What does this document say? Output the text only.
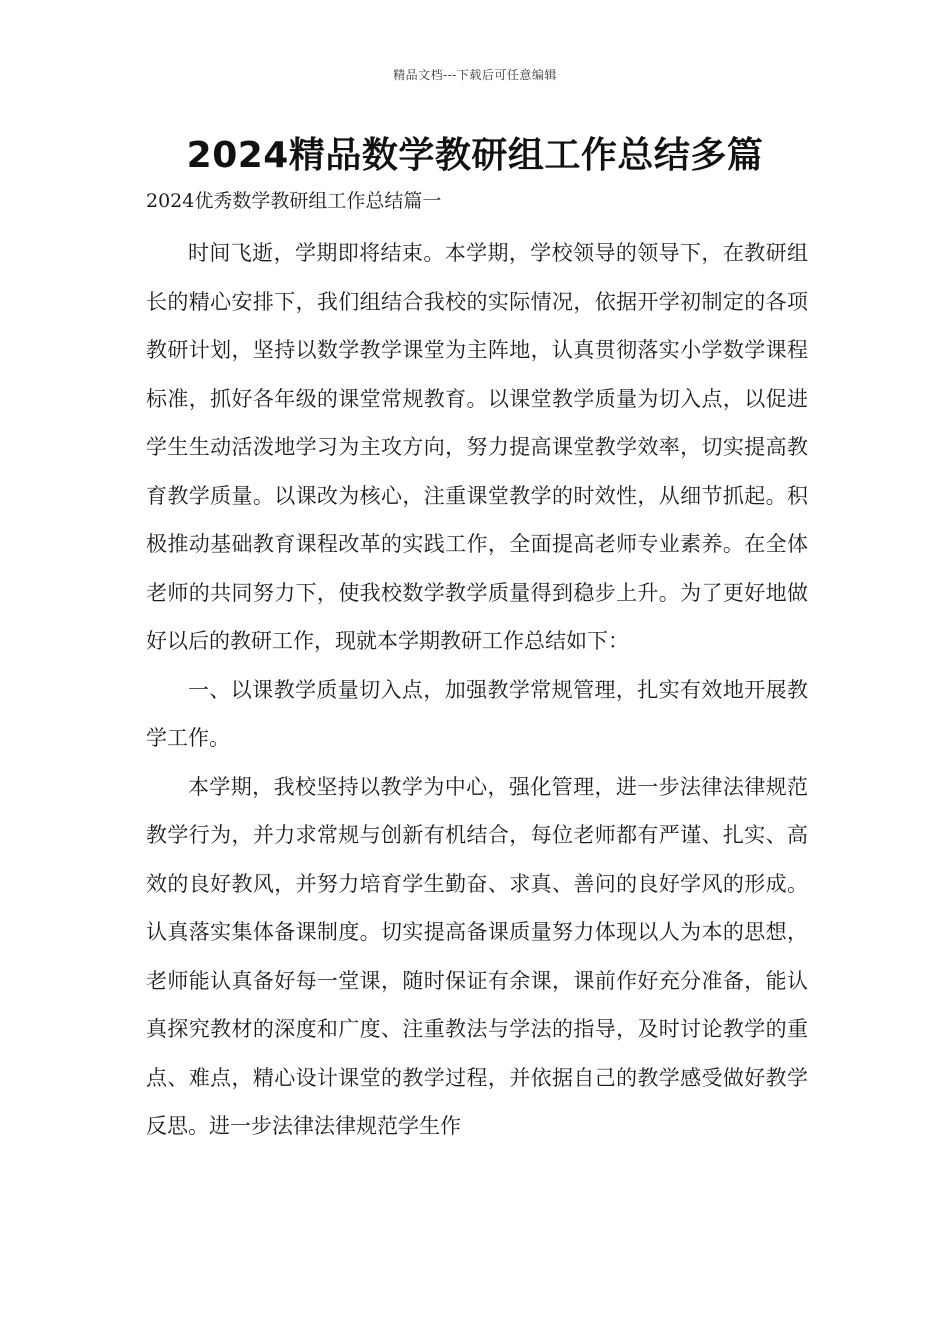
精品文档---下载后可任意编辑
2024精品数学教研组工作总结多篇
2024优秀数学教研组工作总结篇一

时间飞逝，学期即将结束。本学期，学校领导的领导下，在教研组长的精心安排下，我们组结合我校的实际情况，依据开学初制定的各项教研计划，坚持以数学教学课堂为主阵地，认真贯彻落实小学数学课程标准，抓好各年级的课堂常规教育。以课堂教学质量为切入点，以促进学生生动活泼地学习为主攻方向，努力提高课堂教学效率，切实提高教育教学质量。以课改为核心，注重课堂教学的时效性，从细节抓起。积极推动基础教育课程改革的实践工作，全面提高老师专业素养。在全体老师的共同努力下，使我校数学教学质量得到稳步上升。为了更好地做好以后的教研工作，现就本学期教研工作总结如下：

一、以课教学质量切入点，加强教学常规管理，扎实有效地开展教学工作。

本学期，我校坚持以教学为中心，强化管理，进一步法律法律规范教学行为，并力求常规与创新有机结合，每位老师都有严谨、扎实、高效的良好教风，并努力培育学生勤奋、求真、善问的良好学风的形成。认真落实集体备课制度。切实提高备课质量努力体现以人为本的思想，老师能认真备好每一堂课，随时保证有余课，课前作好充分准备，能认真探究教材的深度和广度、注重教法与学法的指导，及时讨论教学的重点、难点，精心设计课堂的教学过程，并依据自己的教学感受做好教学反思。进一步法律法律规范学生作
